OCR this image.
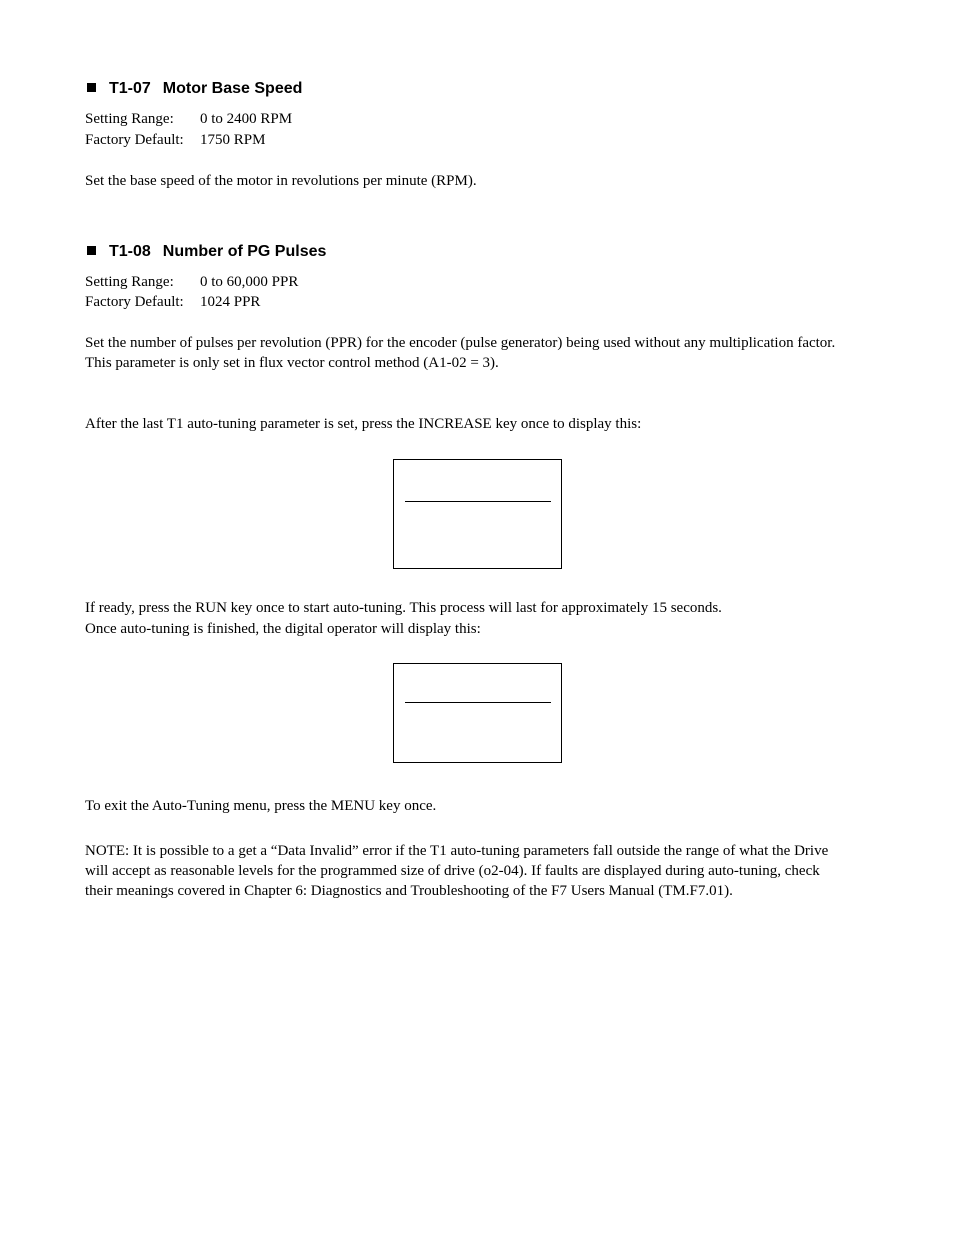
T1-07 Motor Base Speed
Setting Range: 0 to 2400 RPM
Factory Default: 1750 RPM
Set the base speed of the motor in revolutions per minute (RPM).
T1-08 Number of PG Pulses
Setting Range: 0 to 60,000 PPR
Factory Default: 1024 PPR
Set the number of pulses per revolution (PPR) for the encoder (pulse generator) being used without any multiplication factor.
This parameter is only set in flux vector control method (A1-02 = 3).
After the last T1 auto-tuning parameter is set, press the INCREASE key once to display this:
If ready, press the RUN key once to start auto-tuning. This process will last for approximately 15 seconds.
Once auto-tuning is finished, the digital operator will display this:
To exit the Auto-Tuning menu, press the MENU key once.
NOTE: It is possible to a get a “Data Invalid” error if the T1 auto-tuning parameters fall outside the range of what the Drive
will accept as reasonable levels for the programmed size of drive (o2-04). If faults are displayed during auto-tuning, check
their meanings covered in Chapter 6: Diagnostics and Troubleshooting of the F7 Users Manual (TM.F7.01).
